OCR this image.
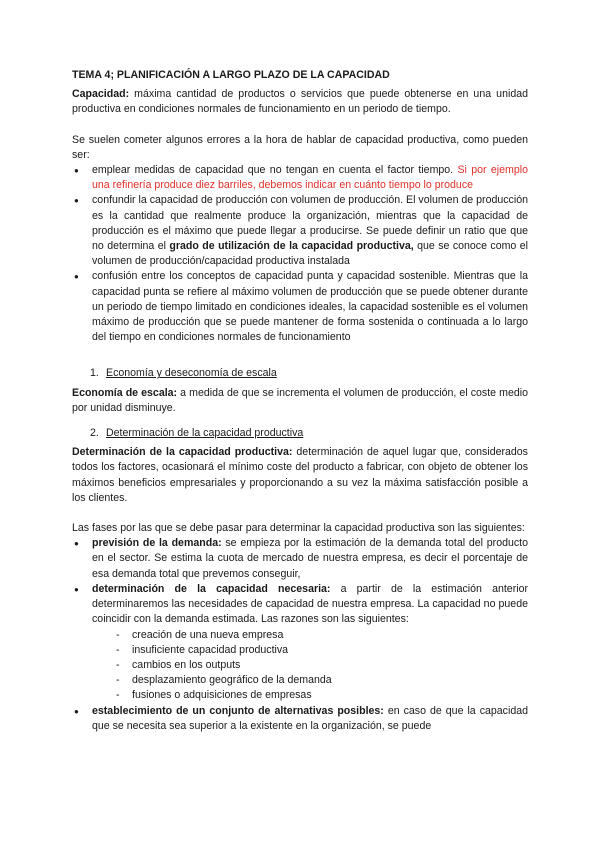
TEMA 4; PLANIFICACIÓN A LARGO PLAZO DE LA CAPACIDAD

Capacidad: máxima cantidad de productos o servicios que puede obtenerse en una unidad productiva en condiciones normales de funcionamiento en un periodo de tiempo.

Se suelen cometer algunos errores a la hora de hablar de capacidad productiva, como pueden ser:

● emplear medidas de capacidad que no tengan en cuenta el factor tiempo. Si por ejemplo una refinería produce diez barriles, debemos indicar en cuánto tiempo lo produce
● confundir la capacidad de producción con volumen de producción. El volumen de producción es la cantidad que realmente produce la organización, mientras que la capacidad de producción es el máximo que puede llegar a producirse. Se puede definir un ratio que que no determina el grado de utilización de la capacidad productiva, que se conoce como el volumen de producción/capacidad productiva instalada
● confusión entre los conceptos de capacidad punta y capacidad sostenible. Mientras que la capacidad punta se refiere al máximo volumen de producción que se puede obtener durante un periodo de tiempo limitado en condiciones ideales, la capacidad sostenible es el volumen máximo de producción que se puede mantener de forma sostenida o continuada a lo largo del tiempo en condiciones normales de funcionamiento

1. Economía y deseconomía de escala

Economía de escala: a medida de que se incrementa el volumen de producción, el coste medio por unidad disminuye.

2. Determinación de la capacidad productiva

Determinación de la capacidad productiva: determinación de aquel lugar que, considerados todos los factores, ocasionará el mínimo coste del producto a fabricar, con objeto de obtener los máximos beneficios empresariales y proporcionando a su vez la máxima satisfacción posible a los clientes.

Las fases por las que se debe pasar para determinar la capacidad productiva son las siguientes:

● previsión de la demanda: se empieza por la estimación de la demanda total del producto en el sector. Se estima la cuota de mercado de nuestra empresa, es decir el porcentaje de esa demanda total que prevemos conseguir,
● determinación de la capacidad necesaria: a partir de la estimación anterior determinaremos las necesidades de capacidad de nuestra empresa. La capacidad no puede coincidir con la demanda estimada. Las razones son las siguientes:
- creación de una nueva empresa
- insuficiente capacidad productiva
- cambios en los outputs
- desplazamiento geográfico de la demanda
- fusiones o adquisiciones de empresas
● establecimiento de un conjunto de alternativas posibles: en caso de que la capacidad que se necesita sea superior a la existente en la organización, se puede
